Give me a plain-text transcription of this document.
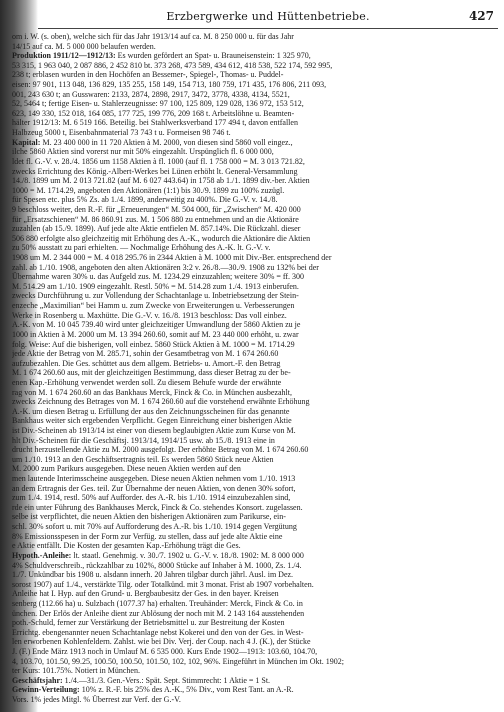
Erzbergwerke und Hüttenbetriebe.	427
om i. W. (s. oben), welche sich für das Jahr 1913/14 auf ca. M. 8 250 000 u. für das Jahr
14/15 auf ca. M. 5 000 000 belaufen werden.
Produktion 1911/12—1912/13: Es wurden gefördert an Spat- u. Brauneisenstein: 1 325 970,
53 315, 1 963 040, 2 087 886, 2 452 810 bt. 373 268, 473 589, 434 612, 418 538, 522 174, 592 995,
238 t; erblasen wurden in den Hochöfen an Bessemer-, Spiegel-, Thomas- u. Puddel-
eisen: 97 901, 113 048, 136 829, 135 255, 158 149, 154 713, 180 759, 171 435, 176 806, 211 093,
001, 243 630 t; an Gusswaren: 2133, 2874, 2898, 2917, 3472, 3778, 4338, 4134, 5521,
52, 5464 t; fertige Eisen- u. Stahlerzeugnisse: 97 100, 125 809, 129 028, 136 972, 153 512,
623, 149 330, 152 018, 164 085, 177 725, 199 776, 209 168 t. Arbeitslöhne u. Beamten-
hälter 1912/13: M. 6 519 166. Beteilig. bei Stahlwerksverband 177 494 t, davon entfallen
Halbzeug 5000 t, Eisenbahnmaterial 73 743 t u. Formeisen 98 746 t.
Kapital: M. 23 400 000 in 11 720 Aktien à M. 2000, von diesen sind 5860 voll eingez.,
ilche 5860 Aktien sind vorerst nur mit 50% eingezahlt. Urspünglich fl. 6 000 000,
ldet fl. G.-V. v. 28./4. 1856 um 1158 Aktien à fl. 1000 (auf fl. 1 758 000 = M. 3 013 721.82,
zwecks Errichtung des König.-Albert-Werkes bei Lünen erhöht lt. General-Versammlung
14./8. 1899 um M. 2 013 721.82 (auf M. 6 027 443.64) in 1758 ab 1./1. 1899 div.-ber. Aktien
1000 = M. 1714.29, angeboten den Aktionären (1:1) bis 30./9. 1899 zu 100% zuzügl.
für Spesen etc. plus 5% Zs. ab 1./4. 1899, anderweitig zu 400%. Die G.-V. v. 14./8.
9 beschloss weiter, den R.-F. für „Erneuerungen“ M. 504 000, für „Zwischen“ M. 420 000
für „Ersatzschienen“ M. 86 860.91 zus. M. 1 506 880 zu entnehmen und an die Aktionäre
zuzahlen (ab 15./9. 1899). Auf jede alte Aktie entfielen M. 857.14%. Die Rückzahl. dieser
506 880 erfolgte also gleichzeitig mit Erhöhung des A.-K., wodurch die Aktionäre die Aktien
zu 50% ausstatt zu pari erhielten. — Nochmalige Erhöhung des A.-K. lt. G.-V. v.
1908 um M. 2 344 000 = M. 4 018 295.76 in 2344 Aktien à M. 1000 mit Div.-Ber. entsprechend der
zahl. ab 1./10. 1908, angeboten den alten Aktionären 3:2 v. 26./8.—30./9. 1908 zu 132% bei der
Übernahme waren 30% u. das Aufgeld zus. M. 1234.29 einzuzahlen; weitere 30% = ff. 300
M. 514.29 am 1./10. 1909 eingezahlt. Restl. 50% = M. 514.28 zum 1./4. 1913 einberufen.
zwecks Durchführung u. zur Vollendung der Schachtanlage u. Inbetriebsetzung der Stein-
enzeche „Maximilian“ bei Hamm u. zum Zwecke von Erweiterungen u. Verbesserungen
Werke in Rosenberg u. Maxhütte. Die G.-V. v. 16./8. 1913 beschloss: Das voll einbez.
A.-K. von M. 10 045 739.40 wird unter gleichzeitiger Umwandlung der 5860 Aktien zu je
1000 in Aktien à M. 2000 um M. 13 394 260.60, somit auf M. 23 440 000 erhöht, u. zwar
folg. Weise: Auf die bisherigen, voll einbez. 5860 Stück Aktien à M. 1000 = M. 1714.29
jede Aktie der Betrag von M. 285.71, sohin der Gesamtbetrag von M. 1 674 260.60
aufzubezahlen. Die Ges. schüttet aus dem allgem. Betriebs- u. Amort.-F. den Betrag
M. 1 674 260.60 aus, mit der gleichzeitigen Bestimmung, dass dieser Betrag zu der be-
enen Kap.-Erhöhung verwendet werden soll. Zu diesem Behufe wurde der erwähnte
rag von M. 1 674 260.60 an das Bankhaus Merck, Finck & Co. in München ausbezahlt,
zwecks Zeichnung des Betrages von M. 1 674 260.60 auf die vorstehend erwähnte Erhöhung
A.-K. um diesen Betrag u. Erfüllung der aus den Zeichnungsscheinen für das genannte
Bankhaus weiter sich ergebenden Verpflicht. Gegen Einreichung einer bisherigen Aktie
ist Div.-Scheinen ab 1913/14 ist einer von diesem beglaubigten Aktie zum Kurse von M.
hlt Div.-Scheinen für die Geschäftsj. 1913/14, 1914/15 usw. ab 15./8. 1913 eine in
drucht herzustellende Aktie zu M. 2000 ausgefolgt. Der erhöhte Betrag von M. 1 674 260.60
um 1./10. 1913 an den Geschäftsertragnis teil. Es werden 5860 Stück neue Aktien
M. 2000 zum Parikurs ausgegeben. Diese neuen Aktien werden auf den
men lautende Interimsscheine ausgegeben. Diese neuen Aktien nehmen vom 1./10. 1913
an dem Ertragnis der Ges. teil. Zur Übernahme der neuen Aktien, von denen 30% sofort,
zum 1./4. 1914, restl. 50% auf Aufforder. des A.-R. bis 1./10. 1914 einzubezahlen sind,
rde ein unter Führung des Bankhauses Merck, Finck & Co. stehendes Konsort. zugelassen.
selbe ist verpflichtet, die neuen Aktien den bisherigen Aktionären zum Parikurse, ein-
schl. 30% sofort u. mit 70% auf Aufforderung des A.-R. bis 1./10. 1914 gegen Vergütung
8% Emissionsspesen in der Form zur Verfüg. zu stellen, dass auf jede alte Aktie eine
e Aktie entfällt. Die Kosten der gesamten Kap.-Erhöhung trägt die Ges.
Hypoth.-Anleihe: lt. staatl. Genehmig. v. 30./7. 1902 u. G.-V. v. 18./8. 1902: M. 8 000 000
4% Schuldverschreib., rückzahlbar zu 102%, 8000 Stücke auf Inhaber à M. 1000, Zs. 1./4.
1./7. Unkündbar bis 1908 u. alsdann innerh. 20 Jahren tilgbar durch jährl. Ausl. im Dez.
sorost 1907) auf 1./4., verstärkte Tilg. oder Totalkünd. mit 3 monat. Frist ab 1907 vorbehalten.
Anleihe hat I. Hyp. auf den Grund- u. Bergbaubesitz der Ges. in den bayer. Kreisen
senberg (112.66 ha) u. Sulzbach (1077.37 ha) erhalten. Treuhänder: Merck, Finck & Co. in
ünchen. Der Erlös der Anleihe dient zur Ablösung der noch mit M. 2 143 164 ausstehenden
poth.-Schuld, ferner zur Verstärkung der Betriebsmittel u. zur Bestreitung der Kosten
Errichtg. ebengenannter neuen Schachtanlage nebst Kokerei und den von der Ges. in West-
len erworbenen Kohlenfeldern. Zahlst. wie bei Div. Verj. der Coup. nach 4 J. (K.), der Stücke
J. (F.) Ende März 1913 noch in Umlauf M. 6 535 000. Kurs Ende 1902—1913: 103.60, 104.70,
4, 103.70, 101.50, 99.25, 100.50, 100.50, 101.50, 102, 102, 96%. Eingeführt in München im Okt. 1902;
ter Kurs: 101.75%. Notiert in München.
Geschäftsjahr: 1./4.—31./3. Gen.-Vers.: Spät. Sept. Stimmrecht: 1 Aktie = 1 St.
Gewinn-Verteilung: 10% z. R.-F. bis 25% des A.-K., 5% Div., vom Rest Tant. an A.-R.
Vors. 1% jedes Mitgl. % Überrest zur Verf. der G.-V.
